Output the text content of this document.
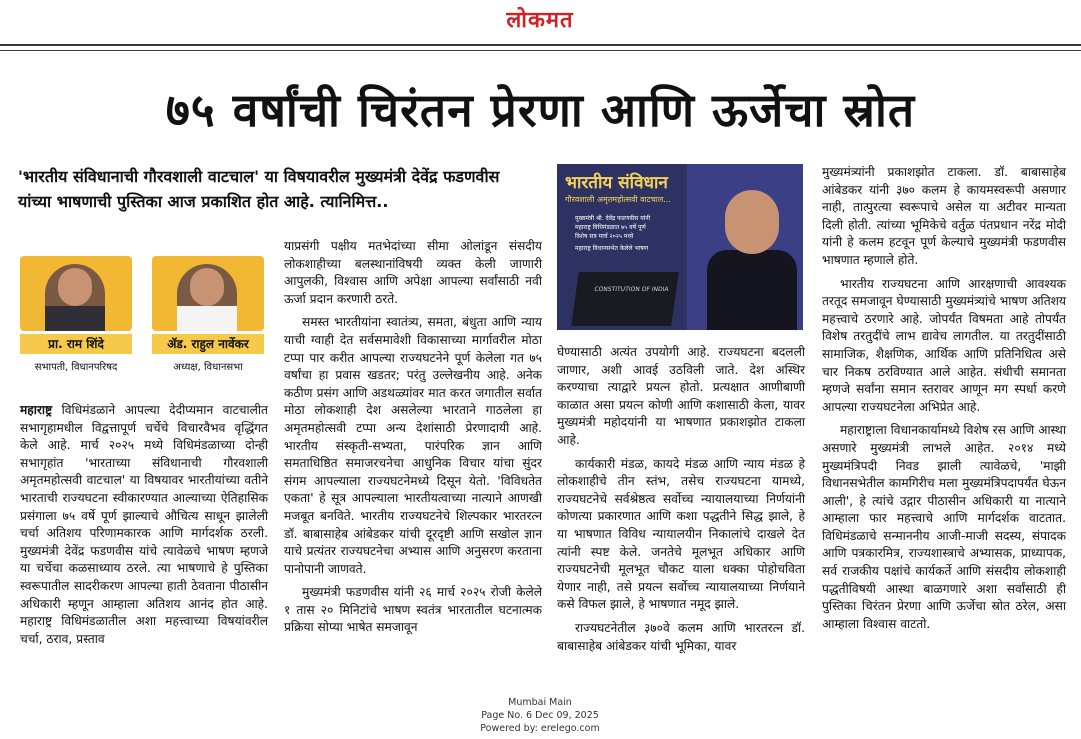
लोकमत
७५ वर्षांची चिरंतन प्रेरणा आणि ऊर्जेचा स्रोत
'भारतीय संविधानाची गौरवशाली वाटचाल' या विषयावरील मुख्यमंत्री देवेंद्र फडणवीस यांच्या भाषणाची पुस्तिका आज प्रकाशित होत आहे. त्यानिमित्त..
प्रा. राम शिंदे
सभापती, विधानपरिषद
ॲड. राहुल नार्वेकर
अध्यक्ष, विधानसभा

महाराष्ट्र विधिमंडळाने आपल्या देदीप्यमान वाटचालीत सभागृहामधील विद्वत्तापूर्ण चर्चेचे विचारवैभव वृद्धिंगत केले आहे. मार्च २०२५ मध्ये विधिमंडळाच्या दोन्ही सभागृहांत 'भारताच्या संविधानाची गौरवशाली अमृतमहोत्सवी वाटचाल' या विषयावर भारतीयांच्या वतीने भारताची राज्यघटना स्वीकारण्यात आल्याच्या ऐतिहासिक प्रसंगाला ७५ वर्षे पूर्ण झाल्याचे औचित्य साधून झालेली चर्चा अतिशय परिणामकारक आणि मार्गदर्शक ठरली. मुख्यमंत्री देवेंद्र फडणवीस यांचे त्यावेळचे भाषण म्हणजे या चर्चेचा कळसाध्याय ठरले. त्या भाषणाचे हे पुस्तिका स्वरूपातील सादरीकरण आपल्या हाती ठेवताना पीठासीन अधिकारी म्हणून आम्हाला अतिशय आनंद होत आहे. महाराष्ट्र विधिमंडळातील अशा महत्त्वाच्या विषयांवरील चर्चा, ठराव, प्रस्ताव

याप्रसंगी पक्षीय मतभेदांच्या सीमा ओलांडून संसदीय लोकशाहीच्या बलस्थानांविषयी व्यक्त केली जाणारी आपुलकी, विश्वास आणि अपेक्षा आपल्या सर्वांसाठी नवी ऊर्जा प्रदान करणारी ठरते.

समस्त भारतीयांना स्वातंत्र्य, समता, बंधुता आणि न्याय याची ग्वाही देत सर्वसमावेशी विकासाच्या मार्गावरील मोठा टप्पा पार करीत आपल्या राज्यघटनेने पूर्ण केलेला गत ७५ वर्षांचा हा प्रवास खडतर; परंतु उल्लेखनीय आहे. अनेक कठीण प्रसंग आणि अडथळ्यांवर मात करत जगातील सर्वात मोठा लोकशाही देश असलेल्या भारताने गाठलेला हा अमृतमहोत्सवी टप्पा अन्य देशांसाठी प्रेरणादायी आहे. भारतीय संस्कृती-सभ्यता, पारंपरिक ज्ञान आणि समताधिष्ठित समाजरचनेचा आधुनिक विचार यांचा सुंदर संगम आपल्याला राज्यघटनेमध्ये दिसून येतो. 'विविधतेत एकता' हे सूत्र आपल्याला भारतीयत्वाच्या नात्याने आणखी मजबूत बनविते. भारतीय राज्यघटनेचे शिल्पकार भारतरत्न डॉ. बाबासाहेब आंबेडकर यांची दूरदृष्टी आणि सखोल ज्ञान याचे प्रत्यंतर राज्यघटनेचा अभ्यास आणि अनुसरण करताना पानोपानी जाणवते.

मुख्यमंत्री फडणवीस यांनी २६ मार्च २०२५ रोजी केलेले १ तास २० मिनिटांचे भाषण स्वतंत्र भारतातील घटनात्मक प्रक्रिया सोप्या भाषेत समजावून

भारतीय संविधान
गौरवशाली अमृतमहोत्सवी वाटचाल...
मुख्यमंत्री श्री. देवेंद्र फडणवीस यांनी
महाराष्ट्र विधिमंडळात ७५ वर्षे पूर्ण
विशेष सत्र मार्च २०२५ मध्ये
महाराष्ट्र विधानसभेत केलेले भाषण
CONSTITUTION OF INDIA

घेण्यासाठी अत्यंत उपयोगी आहे. राज्यघटना बदलली जाणार, अशी आवई उठविली जाते. देश अस्थिर करण्याचा त्याद्वारे प्रयत्न होतो. प्रत्यक्षात आणीबाणी काळात असा प्रयत्न कोणी आणि कशासाठी केला, यावर मुख्यमंत्री महोदयांनी या भाषणात प्रकाशझोत टाकला आहे.

कार्यकारी मंडळ, कायदे मंडळ आणि न्याय मंडळ हे लोकशाहीचे तीन स्तंभ, तसेच राज्यघटना यामध्ये, राज्यघटनेचे सर्वश्रेष्ठत्व सर्वोच्च न्यायालयाच्या निर्णयांनी कोणत्या प्रकारणात आणि कशा पद्धतीने सिद्ध झाले, हे या भाषणात विविध न्यायालयीन निकालांचे दाखले देत त्यांनी स्पष्ट केले. जनतेचे मूलभूत अधिकार आणि राज्यघटनेची मूलभूत चौकट याला धक्का पोहोचविता येणार नाही, तसे प्रयत्न सर्वोच्च न्यायालयाच्या निर्णयाने कसे विफल झाले, हे भाषणात नमूद झाले.

राज्यघटनेतील ३७०वे कलम आणि भारतरत्न डॉ. बाबासाहेब आंबेडकर यांची भूमिका, यावर

मुख्यमंत्र्यांनी प्रकाशझोत टाकला. डॉ. बाबासाहेब आंबेडकर यांनी ३७० कलम हे कायमस्वरूपी असणार नाही, तात्पुरत्या स्वरूपाचे असेल या अटीवर मान्यता दिली होती. त्यांच्या भूमिकेचे वर्तुळ पंतप्रधान नरेंद्र मोदी यांनी हे कलम हटवून पूर्ण केल्याचे मुख्यमंत्री फडणवीस भाषणात म्हणाले होते.

भारतीय राज्यघटना आणि आरक्षणाची आवश्यक तरतूद समजावून घेण्यासाठी मुख्यमंत्र्यांचे भाषण अतिशय महत्त्वाचे ठरणारे आहे. जोपर्यंत विषमता आहे तोपर्यंत विशेष तरतुदींचे लाभ द्यावेच लागतील. या तरतुदींसाठी सामाजिक, शैक्षणिक, आर्थिक आणि प्रतिनिधित्व असे चार निकष ठरविण्यात आले आहेत. संधीची समानता म्हणजे सर्वांना समान स्तरावर आणून मग स्पर्धा करणे आपल्या राज्यघटनेला अभिप्रेत आहे.

महाराष्ट्राला विधानकार्यामध्ये विशेष रस आणि आस्था असणारे मुख्यमंत्री लाभले आहेत. २०१४ मध्ये मुख्यमंत्रिपदी निवड झाली त्यावेळचे, 'माझी विधानसभेतील कामगिरीच मला मुख्यमंत्रिपदापर्यंत घेऊन आली', हे त्यांचे उद्गार पीठासीन अधिकारी या नात्याने आम्हाला फार महत्त्वाचे आणि मार्गदर्शक वाटतात. विधिमंडळाचे सन्माननीय आजी-माजी सदस्य, संपादक आणि पत्रकारमित्र, राज्यशास्त्राचे अभ्यासक, प्राध्यापक, सर्व राजकीय पक्षांचे कार्यकर्ते आणि संसदीय लोकशाही पद्धतीविषयी आस्था बाळगणारे अशा सर्वांसाठी ही पुस्तिका चिरंतन प्रेरणा आणि ऊर्जेचा स्रोत ठरेल, असा आम्हाला विश्वास वाटतो.

Mumbai Main
Page No. 6 Dec 09, 2025
Powered by: erelego.com
